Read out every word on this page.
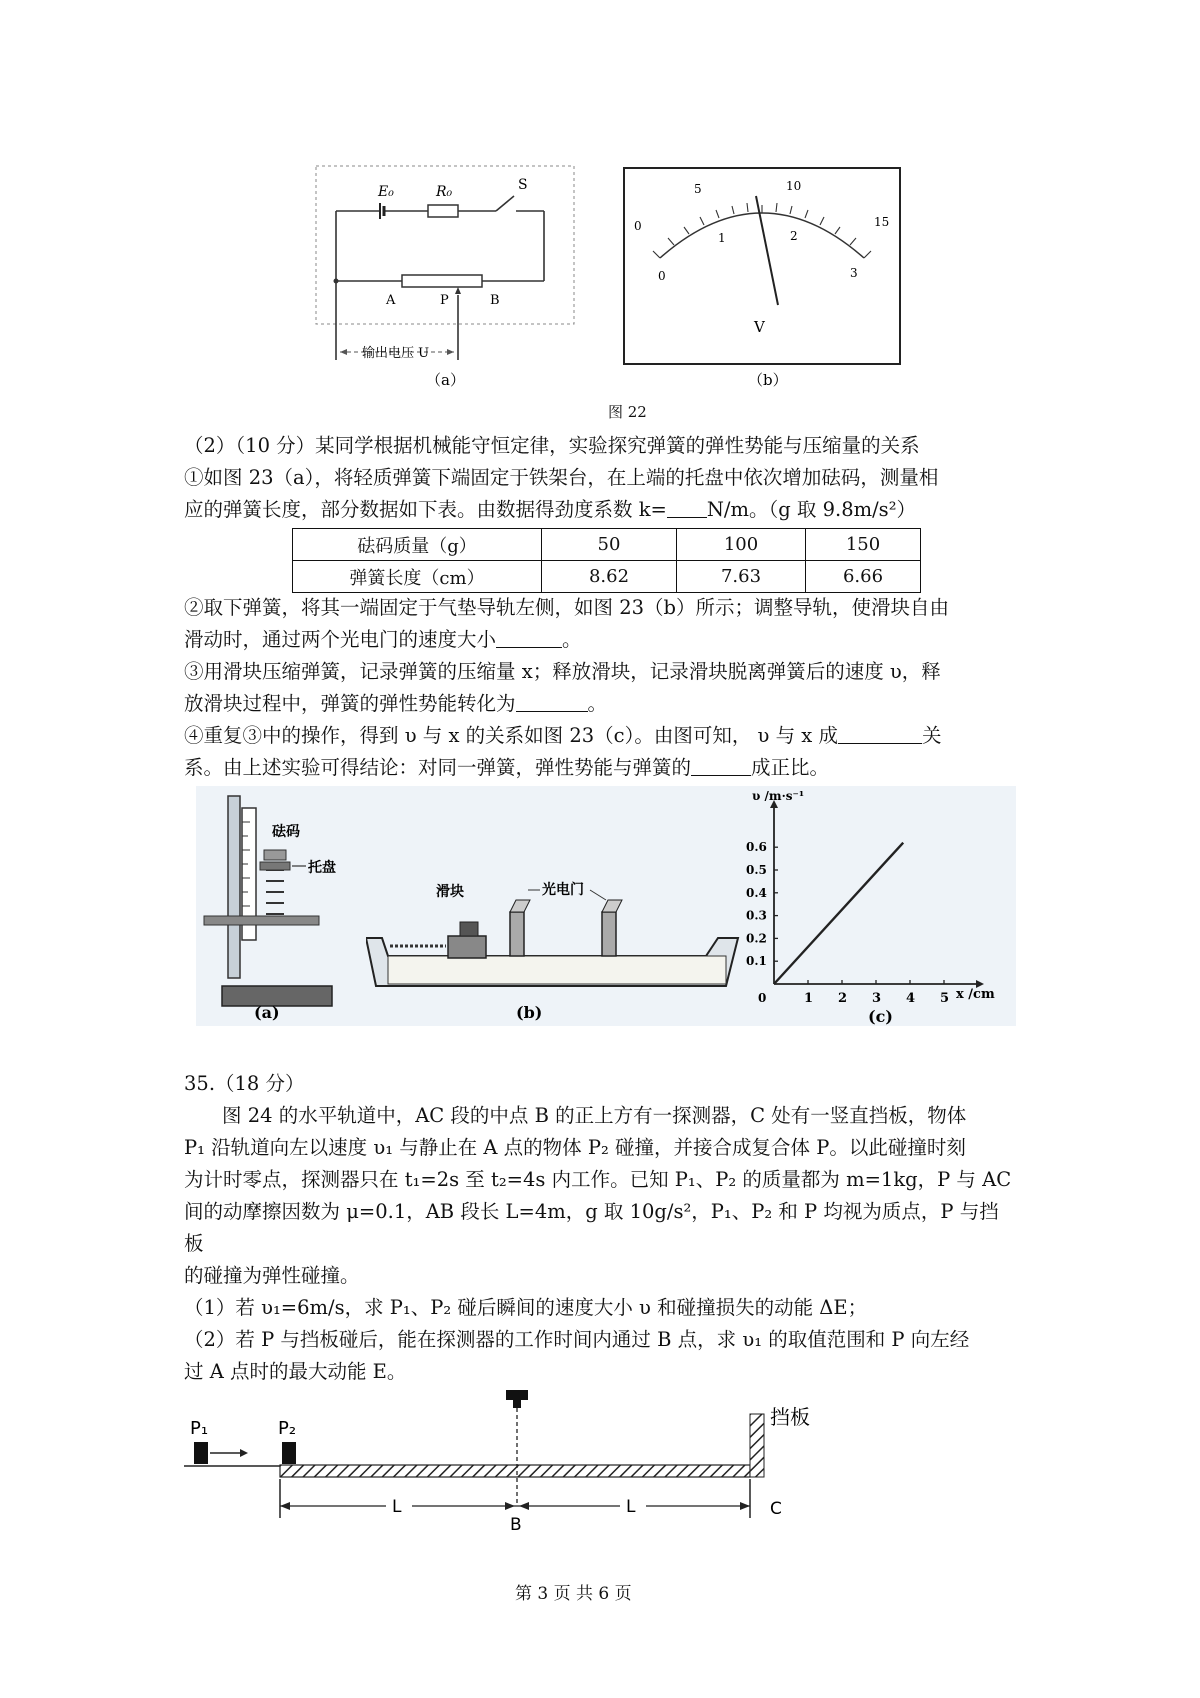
E₀	R₀	S
A	P	B
输出电压 U
（a）
0
5	10
15
0
1	2
3
V
（b）
图 22
（2）（10 分）某同学根据机械能守恒定律，实验探究弹簧的弹性势能与压缩量的关系
①如图 23（a），将轻质弹簧下端固定于铁架台，在上端的托盘中依次增加砝码，测量相
应的弹簧长度，部分数据如下表。由数据得劲度系数 k= N/m。（g 取 9.8m/s²）
砝码质量（g）	50	100	150
弹簧长度（cm）	8.62	7.63	6.66
②取下弹簧，将其一端固定于气垫导轨左侧，如图 23（b）所示；调整导轨，使滑块自由
滑动时，通过两个光电门的速度大小	。
③用滑块压缩弹簧，记录弹簧的压缩量 x；释放滑块，记录滑块脱离弹簧后的速度 υ，释
放滑块过程中，弹簧的弹性势能转化为	。
④重复③中的操作，得到 υ 与 x 的关系如图 23（c）。由图可知， υ 与 x 成	关
系。由上述实验可得结论：对同一弹簧，弹性势能与弹簧的	成正比。
砝码
托盘
(a)
滑块	光电门
(b)
υ /m·s⁻¹
x /cm
0
(c)
1 2 3 4 5
0.1
0.2
0.3
0.4
0.5
0.6
35.（18 分）
图 24 的水平轨道中，AC 段的中点 B 的正上方有一探测器，C 处有一竖直挡板，物体
P₁ 沿轨道向左以速度 υ₁ 与静止在 A 点的物体 P₂ 碰撞，并接合成复合体 P。以此碰撞时刻
为计时零点，探测器只在 t₁=2s 至 t₂=4s 内工作。已知 P₁、P₂ 的质量都为 m=1kg，P 与 AC
间的动摩擦因数为 μ=0.1，AB 段长 L=4m，g 取 10g/s²，P₁、P₂ 和 P 均视为质点，P 与挡板
的碰撞为弹性碰撞。
（1）若 υ₁=6m/s，求 P₁、P₂ 碰后瞬间的速度大小 υ 和碰撞损失的动能 ΔE；
（2）若 P 与挡板碰后，能在探测器的工作时间内通过 B 点，求 υ₁ 的取值范围和 P 向左经
过 A 点时的最大动能 E。
P₁	P₂	挡板
L	L
B
C
第 3 页 共 6 页
